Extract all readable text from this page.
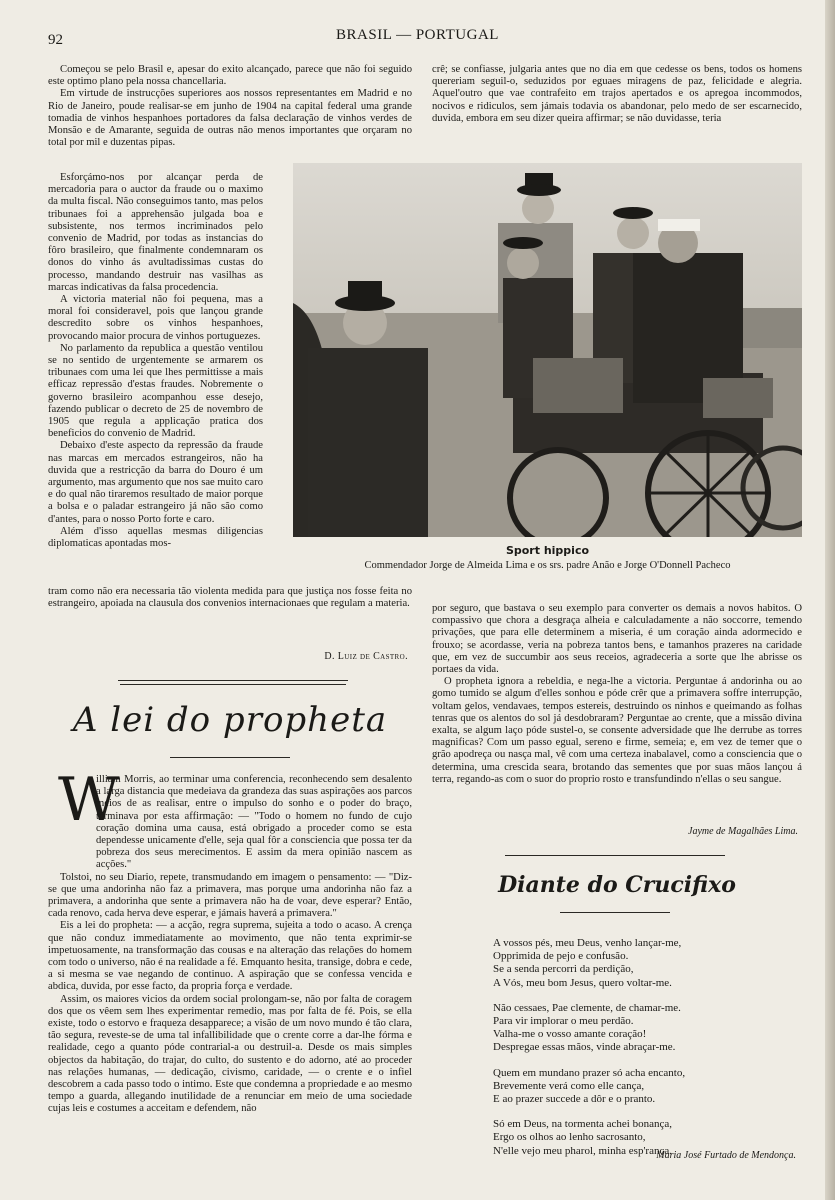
92	BRASIL — PORTUGAL

Começou se pelo Brasil e, apesar do exito alcançado, parece que não foi seguido este optimo plano pela nossa chancellaria.

Em virtude de instrucções superiores aos nossos representantes em Madrid e no Rio de Janeiro, poude realisar-se em junho de 1904 na capital federal uma grande tomadia de vinhos hespanhoes portadores da falsa declaração de vinhos verdes de Monsão e de Amarante, seguida de outras não menos importantes que orçaram no total por mil e duzentas pipas.

Esforçámo-nos por alcançar perda de mercadoria para o auctor da fraude ou o maximo da multa fiscal. Não conseguimos tanto, mas pelos tribunaes foi a apprehensão julgada boa e subsistente, nos termos incriminados pelo convenio de Madrid, por todas as instancias do fôro brasileiro, que finalmente condemnaram os donos do vinho ás avultadissimas custas do processo, mandando destruir nas vasilhas as marcas indicativas da falsa procedencia.

A victoria material não foi pequena, mas a moral foi consideravel, pois que lançou grande descredito sobre os vinhos hespanhoes, provocando maior procura de vinhos portuguezes.

No parlamento da republica a questão ventilou se no sentido de urgentemente se armarem os tribunaes com uma lei que lhes permittisse a mais efficaz repressão d'estas fraudes. Nobremente o governo brasileiro acompanhou esse desejo, fazendo publicar o decreto de 25 de novembro de 1905 que regula a applicação pratica dos beneficios do convenio de Madrid.

Debaixo d'este aspecto da repressão da fraude nas marcas em mercados estrangeiros, não ha duvida que a restricção da barra do Douro é um argumento, mas argumento que nos sae muito caro e do qual não tiraremos resultado de maior porque a bolsa e o paladar estrangeiro já não são como d'antes, para o nosso Porto forte e caro.

Além d'isso aquellas mesmas diligencias diplomaticas apontadas mos-

tram como não era necessaria tão violenta medida para que justiça nos fosse feita no estrangeiro, apoiada na clausula dos convenios internacionaes que regulam a materia.

D. Luiz de Castro.

crê; se confiasse, julgaria antes que no dia em que cedesse os bens, todos os homens quereriam seguil-o, seduzidos por eguaes miragens de paz, felicidade e alegria. Aquel'outro que vae contrafeito em trajos apertados e os apregoa incommodos, nocivos e ridiculos, sem jámais todavia os abandonar, pelo medo de ser escarnecido, duvida, embora em seu dizer queira affirmar; se não duvidasse, teria

Sport hippico
Commendador Jorge de Almeida Lima e os srs. padre Anão e Jorge O'Donnell Pacheco
A lei do propheta
W

illiam Morris, ao terminar uma conferencia, reconhecendo sem desalento a larga distancia que medeiava da grandeza das suas aspirações aos parcos meios de as realisar, entre o impulso do sonho e o poder do braço, terminava por esta affirmação: — "Todo o homem no fundo de cujo coração domina uma causa, está obrigado a proceder como se esta dependesse unicamente d'elle, seja qual fôr a consciencia que possa ter da pobreza dos seus merecimentos. E assim da mera opinião nascem as acções."

Tolstoi, no seu Diario, repete, transmudando em imagem o pensamento: — "Diz-se que uma andorinha não faz a primavera, mas porque uma andorinha não faz a primavera, a andorinha que sente a primavera não ha de voar, deve esperar? Então, cada renovo, cada herva deve esperar, e jámais haverá a primavera."

Eis a lei do propheta: — a acção, regra suprema, sujeita a todo o acaso. A crença que não conduz immediatamente ao movimento, que não tenta exprimir-se impetuosamente, na transformação das cousas e na alteração das relações do homem com todo o universo, não é na realidade a fé. Emquanto hesita, transige, dobra e cede, a si mesma se vae negando de continuo. A aspiração que se confessa vencida e abdica, duvida, por esse facto, da propria força e verdade.

Assim, os maiores vicios da ordem social prolongam-se, não por falta de coragem dos que os vêem sem lhes experimentar remedio, mas por falta de fé. Pois, se ella existe, todo o estorvo e fraqueza desapparece; a visão de um novo mundo é tão clara, tão segura, reveste-se de uma tal infallibilidade que o crente corre a dar-lhe fórma e realidade, cego a quanto póde contrarial-a ou destruil-a. Desde os mais simples objectos da habitação, do trajar, do culto, do sustento e do adorno, até ao proceder nas relações humanas, — dedicação, civismo, caridade, — o crente e o infiel descobrem a cada passo todo o intimo. Este que condemna a propriedade e ao mesmo tempo a guarda, allegando inutilidade de a renunciar em meio de uma sociedade cujas leis e costumes a acceitam e defendem, não

por seguro, que bastava o seu exemplo para converter os demais a novos habitos. O compassivo que chora a desgraça alheia e calculadamente a não soccorre, temendo privações, que para elle determinem a miseria, é um coração ainda adormecido e frouxo; se acordasse, veria na pobreza tantos bens, e tamanhos prazeres na caridade que, em vez de succumbir aos seus receios, agradeceria a sorte que lhe abrisse os portaes da vida.

O propheta ignora a rebeldia, e nega-lhe a victoria. Perguntae á andorinha ou ao gomo tumido se algum d'elles sonhou e póde crêr que a primavera soffre interrupção, voltam gelos, vendavaes, tempos estereis, destruindo os ninhos e queimando as folhas tenras que os alentos do sol já desdobraram? Perguntae ao crente, que a missão divina exalta, se algum laço póde sustel-o, se consente adversidade que lhe derrube as torres magnificas? Com um passo egual, sereno e firme, semeia; e, em vez de temer que o grão apodreça ou nasça mal, vê com uma certeza inabalavel, como a consciencia que o determina, uma crescida seara, brotando das sementes que por suas mãos lançou á terra, regando-as com o suor do proprio rosto e transfundindo n'ellas o seu sangue.

Jayme de Magalhães Lima.
Diante do Crucifixo
A vossos pés, meu Deus, venho lançar-me,
Opprimida de pejo e confusão.
Se a senda percorri da perdição,
A Vós, meu bom Jesus, quero voltar-me.
Não cessaes, Pae clemente, de chamar-me.
Para vir implorar o meu perdão.
Valha-me o vosso amante coração!
Despregae essas mãos, vinde abraçar-me.
Quem em mundano prazer só acha encanto,
Brevemente verá como elle cança,
E ao prazer succede a dôr e o pranto.
Só em Deus, na tormenta achei bonança,
Ergo os olhos ao lenho sacrosanto,
N'elle vejo meu pharol, minha esp'rança.
Maria José Furtado de Mendonça.
